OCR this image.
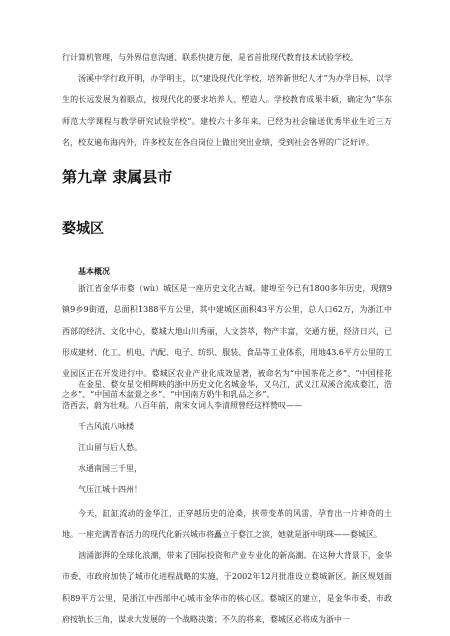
行计算机管理，与外界信息沟通、联系快捷方便，是省首批现代教育技术试验学校。

汤溪中学行政开明，办学明主，以“建设现代化学校，培养新世纪人才”为办学目标，以学生的长远发展为着眼点，按现代化的要求培养人、塑造人。学校教育成果丰硕，确定为“华东师范大学课程与教学研究试验学校”。建校六十多年来，已经为社会输送优秀毕业生近三万名，校友遍布海内外，许多校友在各自岗位上做出突出业绩，受到社会各界的广泛好评。

第九章 隶属县市
婺城区
基本概况

浙江省金华市婺（wù）城区是一座历史文化古城。建埠至今已有1800多年历史，现辖9镇9乡9街道，总面积1388平方公里，其中建城区面积43平方公里，总人口62万，为浙江中西部的经济、文化中心，婺城大地山川秀丽，人文荟萃，物产丰富，交通方便，经济日兴，已形成建材、化工、机电、汽配、电子、纺织、服装、食品等工业体系，用地43.6平方公里的工业园区正在开发进行中。婺城区农业产业化成效显著，被命名为“中国茶花之乡”、“中国桂花之乡”、“中国苗木盆景之乡”、“中国南方奶牛和乳品之乡”。

在金星、婺女星交相辉映的浙中历史文化名城金华，又乌江，武义江双溪合流成婺江，浩浩西去，蔚为壮观。八百年前，南宋女词人李清照曾经这样赞叹——

千古风流八咏楼

江山留与后人愁。

水通南国三千里，

气压江城十四州！

今天，缸缸流动的金华江，正穿越历史的沧桑，挟带变革的风雷，孕育出一片神奇的土地。一座充满青春活力的现代化新兴城市将矗立于婺江之滨，她就是浙中明珠——婺城区。

汹涌澎湃的全球化浪潮，带来了国际投资和产业专业化的新高潮。在这种大背景下，金华市委、市政府加快了城市化进程战略的实施，于2002年12月批准设立婺城新区。新区规划面积89平方公里，是浙江中西部中心城市金华市的核心区。婺城区的建立，是金华市委、市政府按轨长三角，谋求大发展的一个战略决策；不久的将来，婺城区必将成为浙中一
